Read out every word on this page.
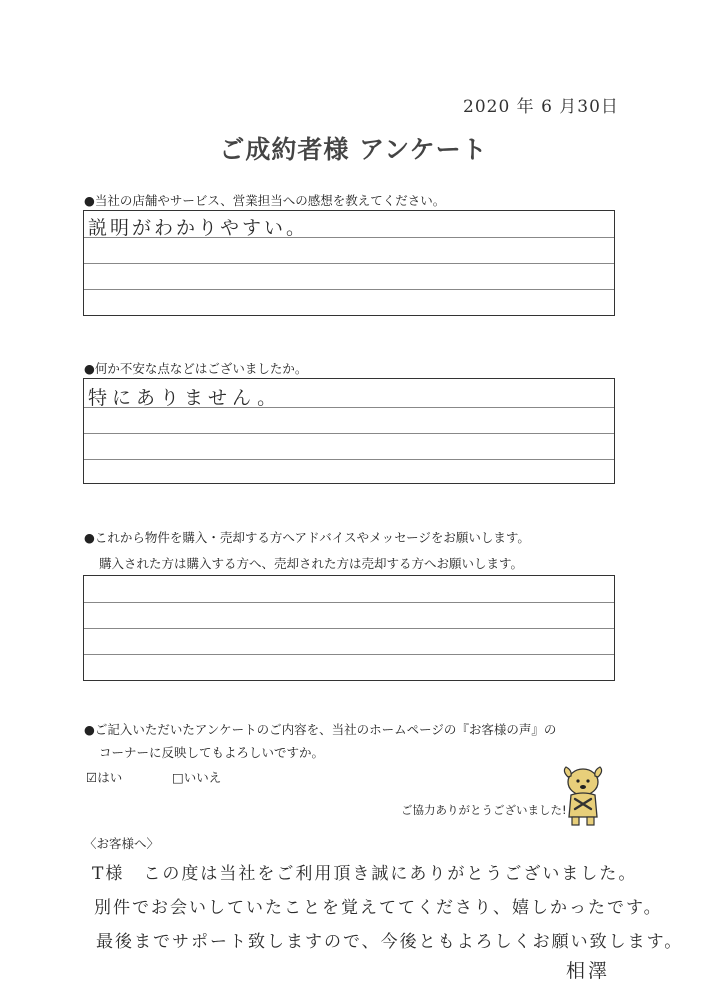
2020 年 6 月30日
ご成約者様 アンケート
●当社の店舗やサービス、営業担当への感想を教えてください。
説明がわかりやすい。
●何か不安な点などはございましたか。
特にありません。
●これから物件を購入・売却する方へアドバイスやメッセージをお願いします。
購入された方は購入する方へ、売却された方は売却する方へお願いします。
●ご記入いただいたアンケートのご内容を、当社のホームページの『お客様の声』の
コーナーに反映してもよろしいですか。
☑はい	□いいえ
ご協力ありがとうございました!
〈お客様へ〉
T様　この度は当社をご利用頂き誠にありがとうございました。
別件でお会いしていたことを覚えててくださり、嬉しかったです。
最後までサポート致しますので、今後ともよろしくお願い致します。
相澤
